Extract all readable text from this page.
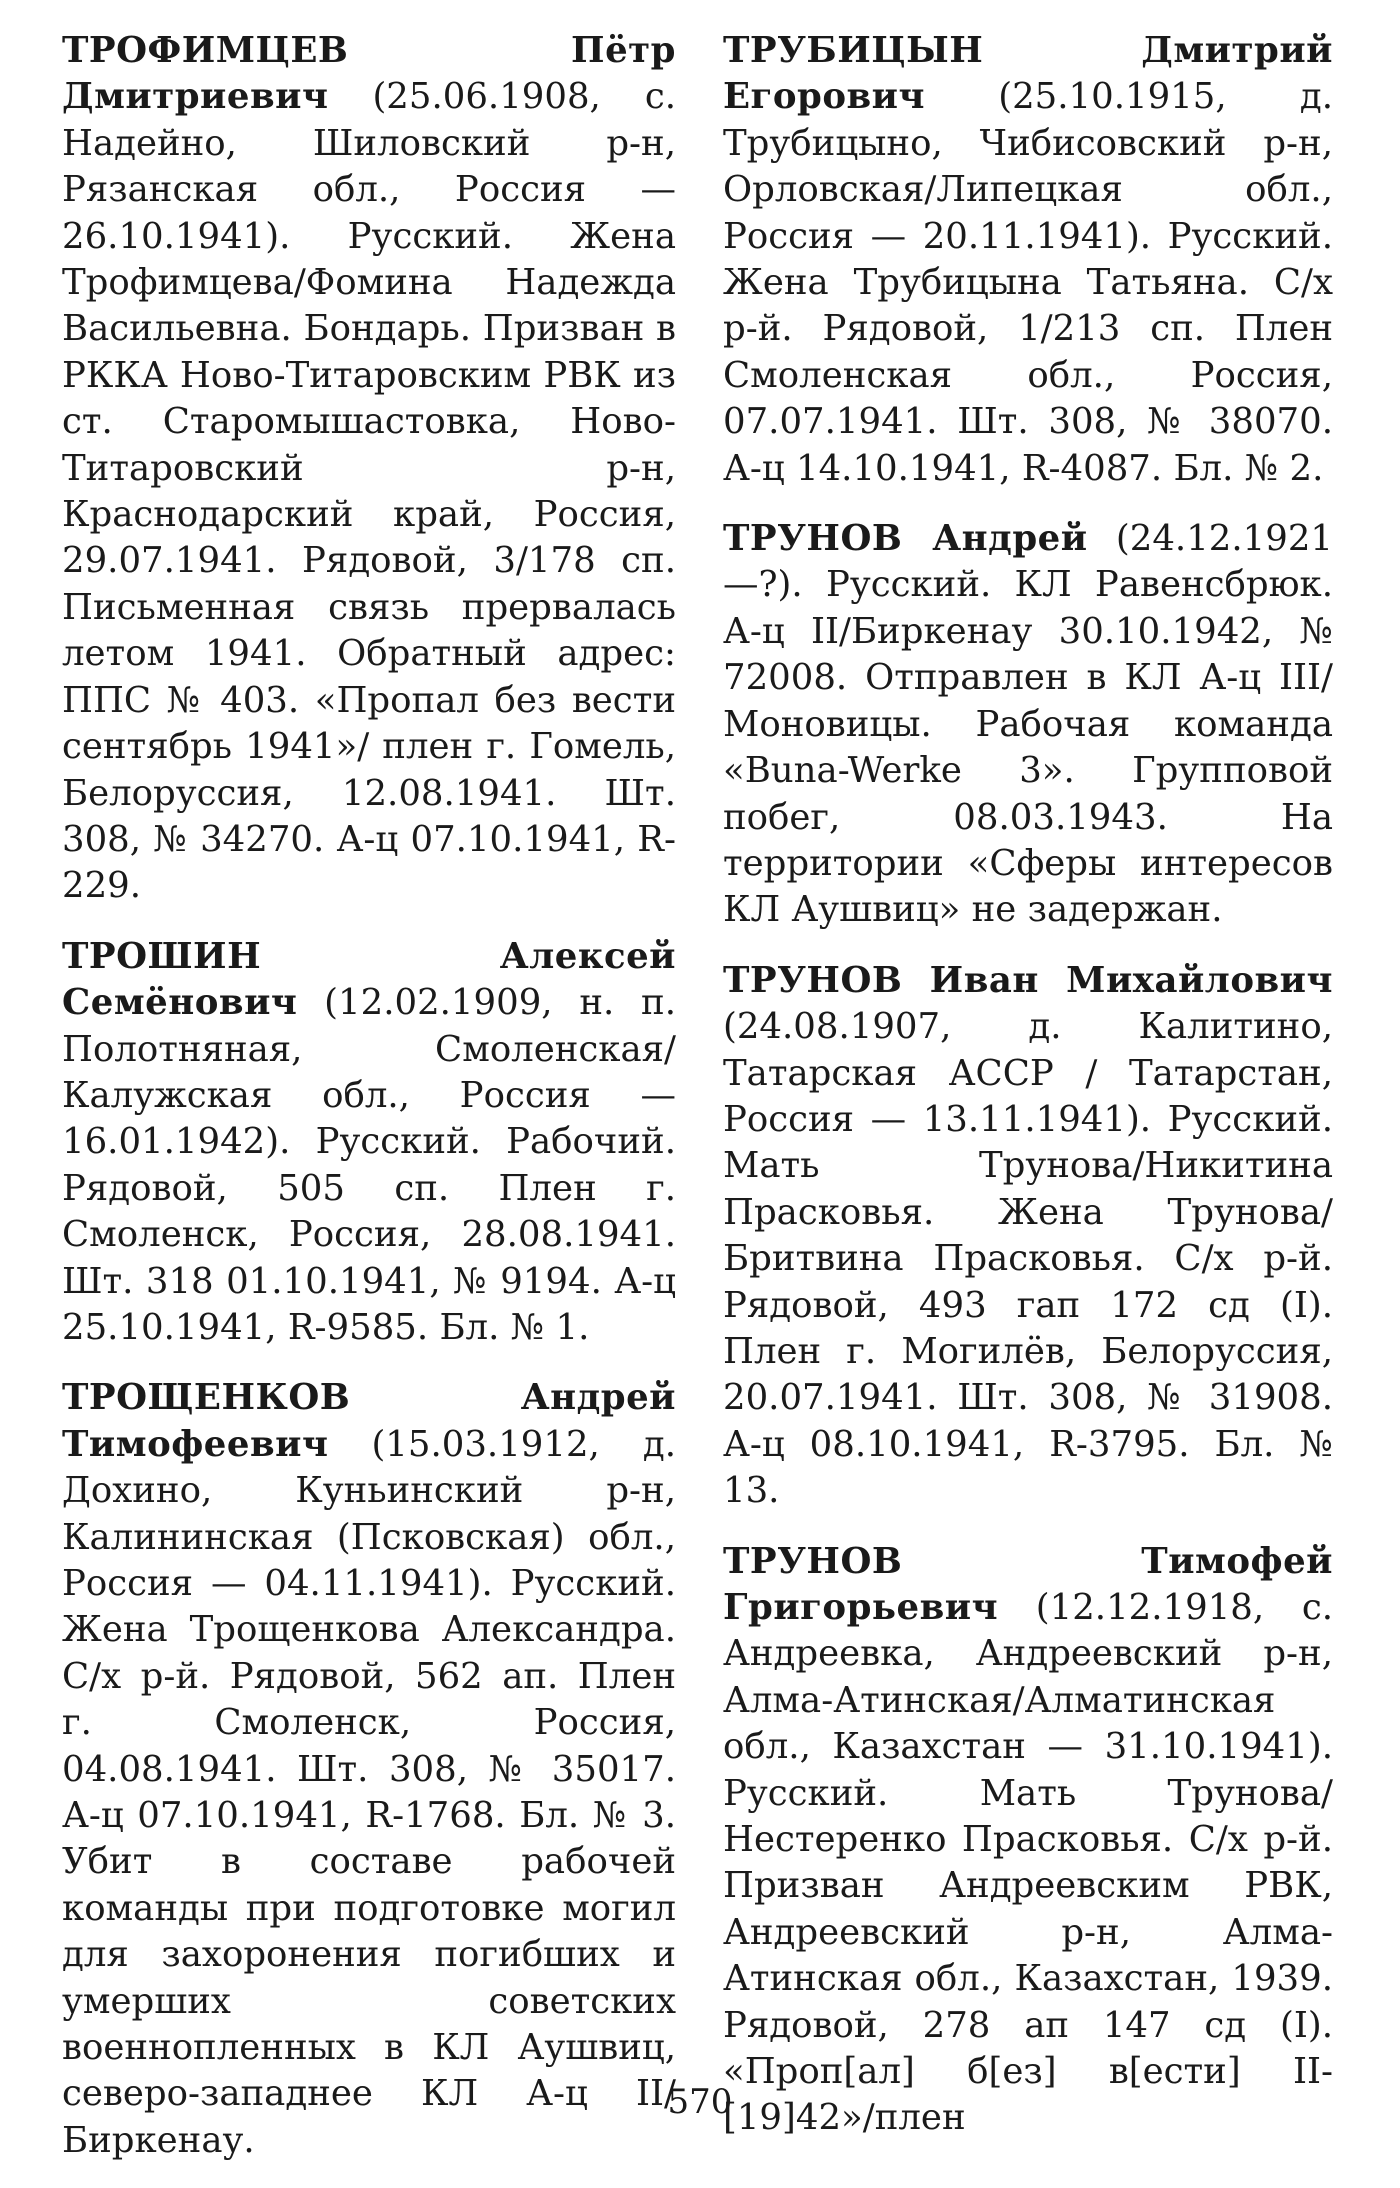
ТРОФИМЦЕВ Пётр Дмитриевич (25.06.1908, с. Надейно, Шиловский р-н, Рязанская обл., Россия — 26.10.1941). Русский. Жена Трофимцева/Фомина Надежда Васильевна. Бондарь. Призван в РККА Ново-Титаровским РВК из ст. Старомышастовка, Ново-Титаровский р-н, Краснодарский край, Россия, 29.07.1941. Рядовой, 3/178 сп. Письменная связь прервалась летом 1941. Обратный адрес: ППС № 403. «Пропал без вести сентябрь 1941»/ плен г. Гомель, Белоруссия, 12.08.1941. Шт. 308, № 34270. А-ц 07.10.1941, R-229.

ТРОШИН Алексей Семёнович (12.02.1909, н. п. Полотняная, Смоленская/Калужская обл., Россия — 16.01.1942). Русский. Рабочий. Рядовой, 505 сп. Плен г. Смоленск, Россия, 28.08.1941. Шт. 318 01.10.1941, № 9194. А-ц 25.10.1941, R-9585. Бл. № 1.

ТРОЩЕНКОВ Андрей Тимофеевич (15.03.1912, д. Дохино, Куньинский р-н, Калининская (Псковская) обл., Россия — 04.11.1941). Русский. Жена Трощенкова Александра. С/х р-й. Рядовой, 562 ап. Плен г. Смоленск, Россия, 04.08.1941. Шт. 308, № 35017. А-ц 07.10.1941, R-1768. Бл. № 3. Убит в составе рабочей команды при подготовке могил для захоронения погибших и умерших советских военнопленных в КЛ Аушвиц, северо-западнее КЛ А-ц II/Биркенау.

ТРУБИЦЫН Дмитрий Егорович (25.10.1915, д. Трубицыно, Чибисовский р-н, Орловская/Липецкая обл., Россия — 20.11.1941). Русский. Жена Трубицына Татьяна. С/х р-й. Рядовой, 1/213 сп. Плен Смоленская обл., Россия, 07.07.1941. Шт. 308, № 38070. А-ц 14.10.1941, R-4087. Бл. № 2.

ТРУНОВ Андрей (24.12.1921—?). Русский. КЛ Равенсбрюк. А-ц II/Биркенау 30.10.1942, № 72008. Отправлен в КЛ А-ц III/Моновицы. Рабочая команда «Buna-Werke 3». Групповой побег, 08.03.1943. На территории «Сферы интересов КЛ Аушвиц» не задержан.

ТРУНОВ Иван Михайлович (24.08.1907, д. Калитино, Татарская АССР / Татарстан, Россия — 13.11.1941). Русский. Мать Трунова/Никитина Прасковья. Жена Трунова/Бритвина Прасковья. С/х р-й. Рядовой, 493 гап 172 сд (I). Плен г. Могилёв, Белоруссия, 20.07.1941. Шт. 308, № 31908. А-ц 08.10.1941, R-3795. Бл. № 13.

ТРУНОВ Тимофей Григорьевич (12.12.1918, с. Андреевка, Андреевский р-н, Алма-Атинская/Алматинская обл., Казахстан — 31.10.1941). Русский. Мать Трунова/Нестеренко Прасковья. С/х р-й. Призван Андреевским РВК, Андреевский р-н, Алма-Атинская обл., Казахстан, 1939. Рядовой, 278 ап 147 сд (I). «Проп[ал] б[ез] в[ести] II-[19]42»/плен

570
